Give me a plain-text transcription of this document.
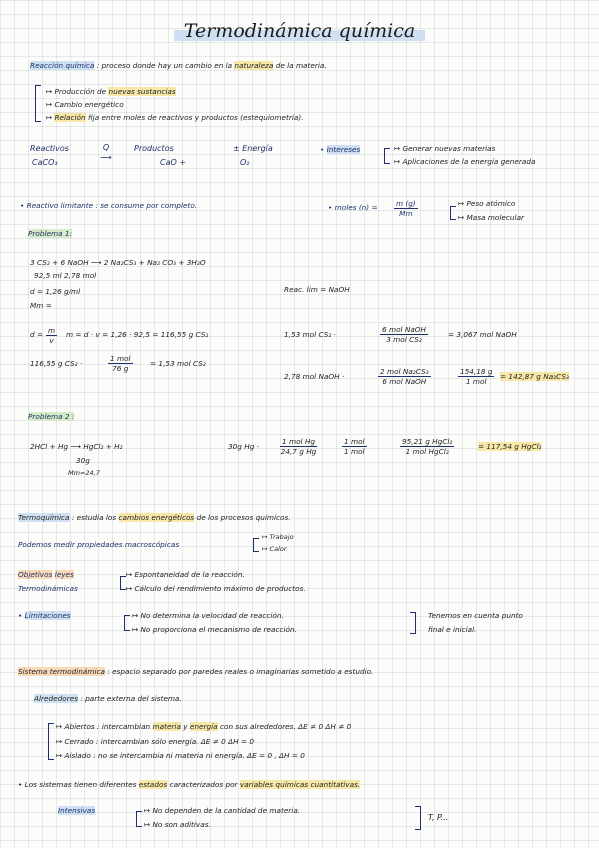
Termodinámica química
Reacción química : proceso donde hay un cambio en la naturaleza de la materia.
↦ Producción de nuevas sustancias
↦ Cambio energético
↦ Relación fija entre moles de reactivos y productos (estequiometría).
Reactivos
CaCO₃
Q
⟶
Productos
CaO +
± Energía
O₂
• Intereses	↦ Generar nuevas materias
↦ Aplicaciones de la energía generada
• Reactivo limitante : se consume por completo.	• moles $(n) = \frac{m (g)}{Mm}$	↦ Peso atómico
↦ Masa molecular
Problema 1:
3 CS₂ + 6 NaOH ⟶ 2 Na₂CS₃ + Na₂ CO₃ + 3H₂O
92,5 ml 2,78 mol
d = 1,26 g/ml
Mm =
Reac. lim = NaOH
$d = \frac{m}{v}$ m = d · v = 1,26 · 92,5 = 116,55 g CS₂
116,55 g CS₂ ·
1 mol
76 g
= 1,53 mol CS₂
1,53 mol CS₂ ·
6 mol NaOH
3 mol CS₂
= 3,067 mol NaOH
2,78 mol NaOH ·
2 mol Na₂CS₃
6 mol NaOH
154,18 g
1 mol
= 142,87 g Na₂CS₃
Problema 2 :
2HCl + Hg ⟶ HgCl₂ + H₂
30g
Mm=24,7
30g Hg ·
1 mol Hg
24,7 g Hg
1 mol
1 mol
95,21 g HgCl₂
1 mol HgCl₂
= 117,54 g HgCl₂
Termoquímica : estudia los cambios energéticos de los procesos químicos.
Podemos medir propiedades macroscópicas
↦ Trabajo
↦ Calor
Objetivos leyes
Termodinámicas
↦ Espontaneidad de la reacción.
↦ Cálculo del rendimiento máximo de productos.
• Limitaciones	↦ No determina la velocidad de reacción.
↦ No proporciona el mecanismo de reacción.
Tenemos en cuenta punto
final e inicial.
Sistema termodinámica : espacio separado por paredes reales o imaginarias sometido a estudio.
Alrededores : parte externa del sistema.
↦ Abiertos : intercambian materia y energía con sus alrededores. ΔE ≠ 0 ΔH ≠ 0
↦ Cerrado : intercambian sólo energía. ΔE ≠ 0 ΔH = 0
↦ Aislado : no se intercambia ni materia ni energía. ΔE = 0 , ΔH = 0
• Los sistemas tienen diferentes estados caracterizados por variables químicas cuantitativas.
Intensivas	↦ No dependen de la cantidad de materia.
↦ No son aditivas.
T, P...
